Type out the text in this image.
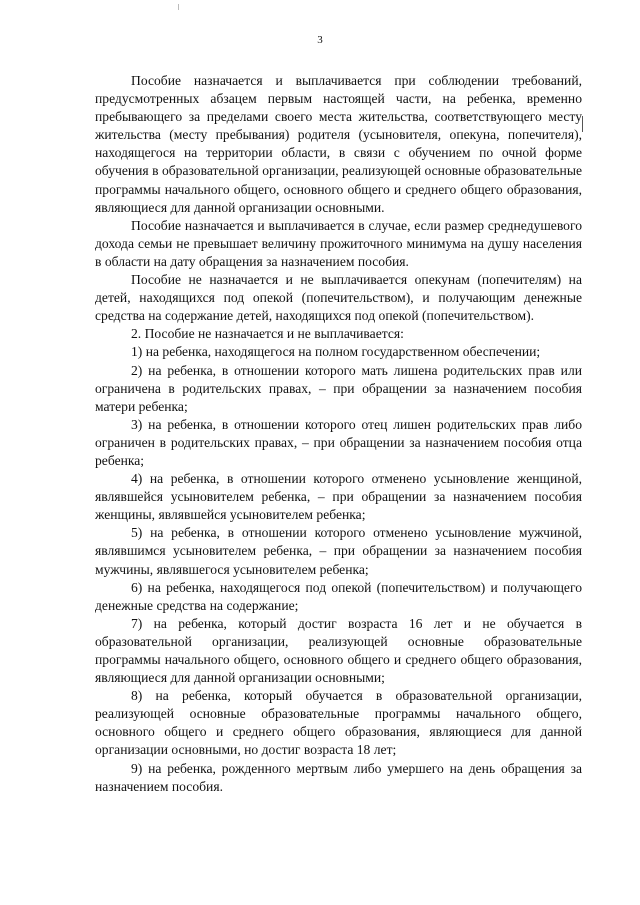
3

Пособие назначается и выплачивается при соблюдении требований, предусмотренных абзацем первым настоящей части, на ребенка, временно пребывающего за пределами своего места жительства, соответствующего месту жительства (месту пребывания) родителя (усыновителя, опекуна, попечителя), находящегося на территории области, в связи с обучением по очной форме обучения в образовательной организации, реализующей основные образовательные программы начального общего, основного общего и среднего общего образования, являющиеся для данной организации основными.

Пособие назначается и выплачивается в случае, если размер среднедушевого дохода семьи не превышает величину прожиточного минимума на душу населения в области на дату обращения за назначением пособия.

Пособие не назначается и не выплачивается опекунам (попечителям) на детей, находящихся под опекой (попечительством), и получающим денежные средства на содержание детей, находящихся под опекой (попечительством).

2. Пособие не назначается и не выплачивается:

1) на ребенка, находящегося на полном государственном обеспечении;

2) на ребенка, в отношении которого мать лишена родительских прав или ограничена в родительских правах, – при обращении за назначением пособия матери ребенка;

3) на ребенка, в отношении которого отец лишен родительских прав либо ограничен в родительских правах, – при обращении за назначением пособия отца ребенка;

4) на ребенка, в отношении которого отменено усыновление женщиной, являвшейся усыновителем ребенка, – при обращении за назначением пособия женщины, являвшейся усыновителем ребенка;

5) на ребенка, в отношении которого отменено усыновление мужчиной, являвшимся усыновителем ребенка, – при обращении за назначением пособия мужчины, являвшегося усыновителем ребенка;

6) на ребенка, находящегося под опекой (попечительством) и получающего денежные средства на содержание;

7) на ребенка, который достиг возраста 16 лет и не обучается в образовательной организации, реализующей основные образовательные программы начального общего, основного общего и среднего общего образования, являющиеся для данной организации основными;

8) на ребенка, который обучается в образовательной организации, реализующей основные образовательные программы начального общего, основного общего и среднего общего образования, являющиеся для данной организации основными, но достиг возраста 18 лет;

9) на ребенка, рожденного мертвым либо умершего на день обращения за назначением пособия.
